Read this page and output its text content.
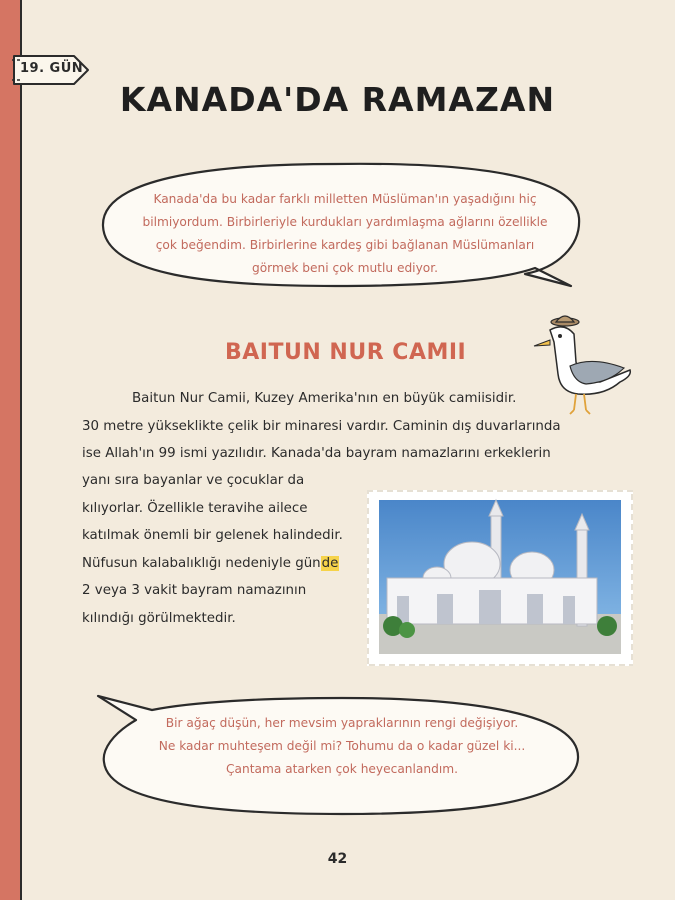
19. GÜN
KANADA'DA RAMAZAN
Kanada'da bu kadar farklı milletten Müslüman'ın yaşadığını hiç
bilmiyordum. Birbirleriyle kurdukları yardımlaşma ağlarını özellikle
çok beğendim. Birbirlerine kardeş gibi bağlanan Müslümanları
görmek beni çok mutlu ediyor.
BAITUN NUR CAMII
Baitun Nur Camii, Kuzey Amerika'nın en büyük camiisidir.
30 metre yükseklikte çelik bir minaresi vardır. Caminin dış duvarlarında
ise Allah'ın 99 ismi yazılıdır. Kanada'da bayram namazlarını erkeklerin
yanı sıra bayanlar ve çocuklar da
kılıyorlar. Özellikle teravihe ailece
katılmak önemli bir gelenek halindedir.
Nüfusun kalabalıklığı nedeniyle günde
2 veya 3 vakit bayram namazının
kılındığı görülmektedir.
Bir ağaç düşün, her mevsim yapraklarının rengi değişiyor.
Ne kadar muhteşem değil mi? Tohumu da o kadar güzel ki...
Çantama atarken çok heyecanlandım.
42
